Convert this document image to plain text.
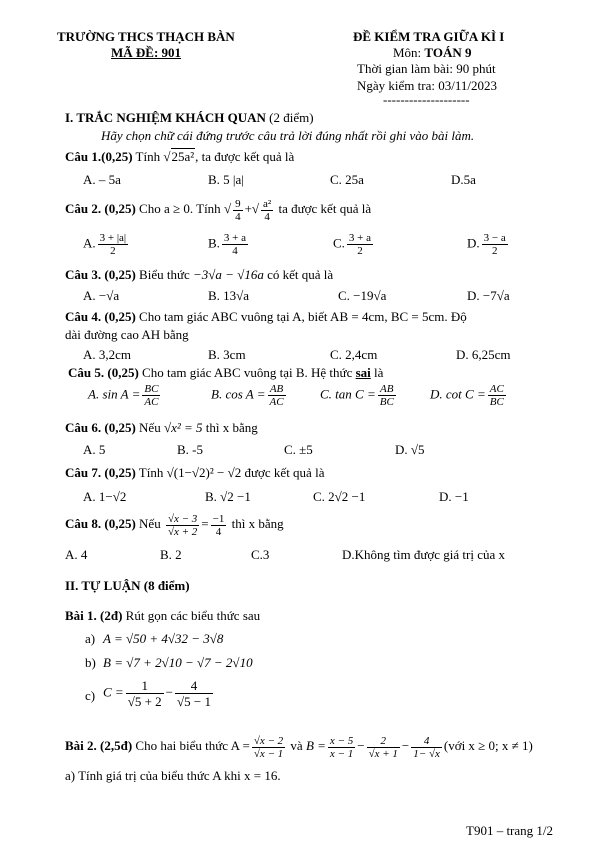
TRƯỜNG THCS THẠCH BÀN
MÃ ĐỀ: 901
ĐỀ KIỂM TRA GIỮA KÌ I
Môn: TOÁN 9
Thời gian làm bài: 90 phút
Ngày kiểm tra: 03/11/2023
--------------------
I. TRẮC NGHIỆM KHÁCH QUAN (2 điểm)
Hãy chọn chữ cái đứng trước câu trả lời đúng nhất rồi ghi vào bài làm.
Câu 1.(0,25) Tính √25a², ta được kết quả là
A. – 5a	B. 5 |a|	C. 25a	D.5a
Câu 2. (0,25) Cho a ≥ 0. Tính √ $\frac{9}{4}$ +√ $\frac{\text{a²}}{4}$ ta được kết quả là
A. $\frac{3 + |a|}{2}$	B. $\frac{3 + a}{4}$	C. $\frac{3 + a}{2}$	D. $\frac{3 - a}{2}$
Câu 3. (0,25) Biểu thức −3√a − √16a có kết quả là
A. −√a	B. 13√a	C. −19√a	D. −7√a
Câu 4. (0,25) Cho tam giác ABC vuông tại A, biết AB = 4cm, BC = 5cm. Độ
dài đường cao AH bằng
A. 3,2cm	B. 3cm	C. 2,4cm	D. 6,25cm
Câu 5. (0,25) Cho tam giác ABC vuông tại B. Hệ thức sai là
A. $\sin A = \frac{BC}{AC}$	B. $\cos A = \frac{AB}{AC}$	C. $\tan C = \frac{AB}{BC}$	D. $\cot C = \frac{AC}{BC}$
Câu 6. (0,25) Nếu √x² = 5 thì x bằng
A. 5	B. -5	C. ±5	D. √5
Câu 7. (0,25) Tính √(1−√2)² − √2 được kết quả là
A. 1−√2	B. √2 −1	C. 2√2 −1	D. −1
Câu 8. (0,25) Nếu $\frac{√x - 3}{√x + 2} = \frac{-1}{4}$ thì x bằng
A. 4	B. 2	C.3	D.Không tìm được giá trị của x
II. TỰ LUẬN (8 điểm)
Bài 1. (2đ) Rút gọn các biểu thức sau
a) A = √50 + 4√32 − 3√8
b) B = √7 + 2√10 − √7 − 2√10
c) $C = \frac{1}{√5 + 2} - \frac{4}{√5 - 1}$
Bài 2. (2,5đ) Cho hai biểu thức $A = \frac{√x - 2}{√x - 1}$ và $B = \frac{x - 5}{x - 1} - \frac{2}{√x + 1} - \frac{4}{1- √x}$ (với x ≥ 0; x ≠ 1)
a) Tính giá trị của biểu thức A khi x = 16.
T901 – trang 1/2
